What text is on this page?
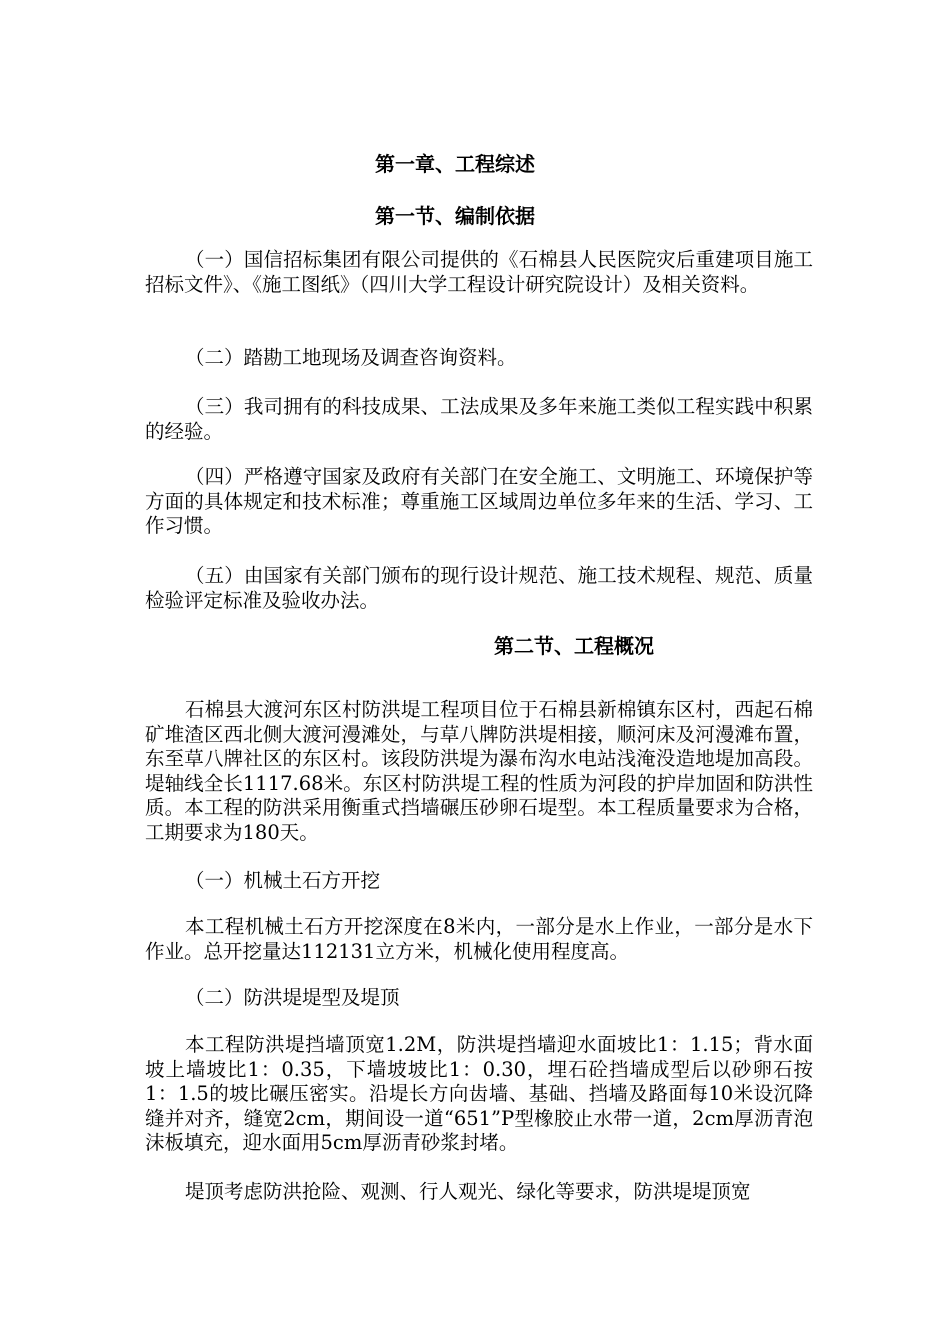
第一章、工程综述
第一节、编制依据
（一）国信招标集团有限公司提供的《石棉县人民医院灾后重建项目施工招标文件》、《施工图纸》（四川大学工程设计研究院设计）及相关资料。
（二）踏勘工地现场及调查咨询资料。
（三）我司拥有的科技成果、工法成果及多年来施工类似工程实践中积累的经验。
（四）严格遵守国家及政府有关部门在安全施工、文明施工、环境保护等方面的具体规定和技术标准；尊重施工区域周边单位多年来的生活、学习、工作习惯。
（五）由国家有关部门颁布的现行设计规范、施工技术规程、规范、质量检验评定标准及验收办法。
第二节、工程概况
石棉县大渡河东区村防洪堤工程项目位于石棉县新棉镇东区村，西起石棉矿堆渣区西北侧大渡河漫滩处，与草八牌防洪堤相接，顺河床及河漫滩布置，东至草八牌社区的东区村。该段防洪堤为瀑布沟水电站浅淹没造地堤加高段。堤轴线全长1117.68米。东区村防洪堤工程的性质为河段的护岸加固和防洪性质。本工程的防洪采用衡重式挡墙碾压砂卵石堤型。本工程质量要求为合格，工期要求为180天。
（一）机械土石方开挖
本工程机械土石方开挖深度在8米内，一部分是水上作业，一部分是水下作业。总开挖量达112131立方米，机械化使用程度高。
（二）防洪堤堤型及堤顶
本工程防洪堤挡墙顶宽1.2M，防洪堤挡墙迎水面坡比1：1.15；背水面坡上墙坡比1：0.35，下墙坡坡比1：0.30，埋石砼挡墙成型后以砂卵石按1：1.5的坡比碾压密实。沿堤长方向齿墙、基础、挡墙及路面每10米设沉降缝并对齐，缝宽2cm，期间设一道“651”P型橡胶止水带一道，2cm厚沥青泡沫板填充，迎水面用5cm厚沥青砂浆封堵。
堤顶考虑防洪抢险、观测、行人观光、绿化等要求，防洪堤堤顶宽
